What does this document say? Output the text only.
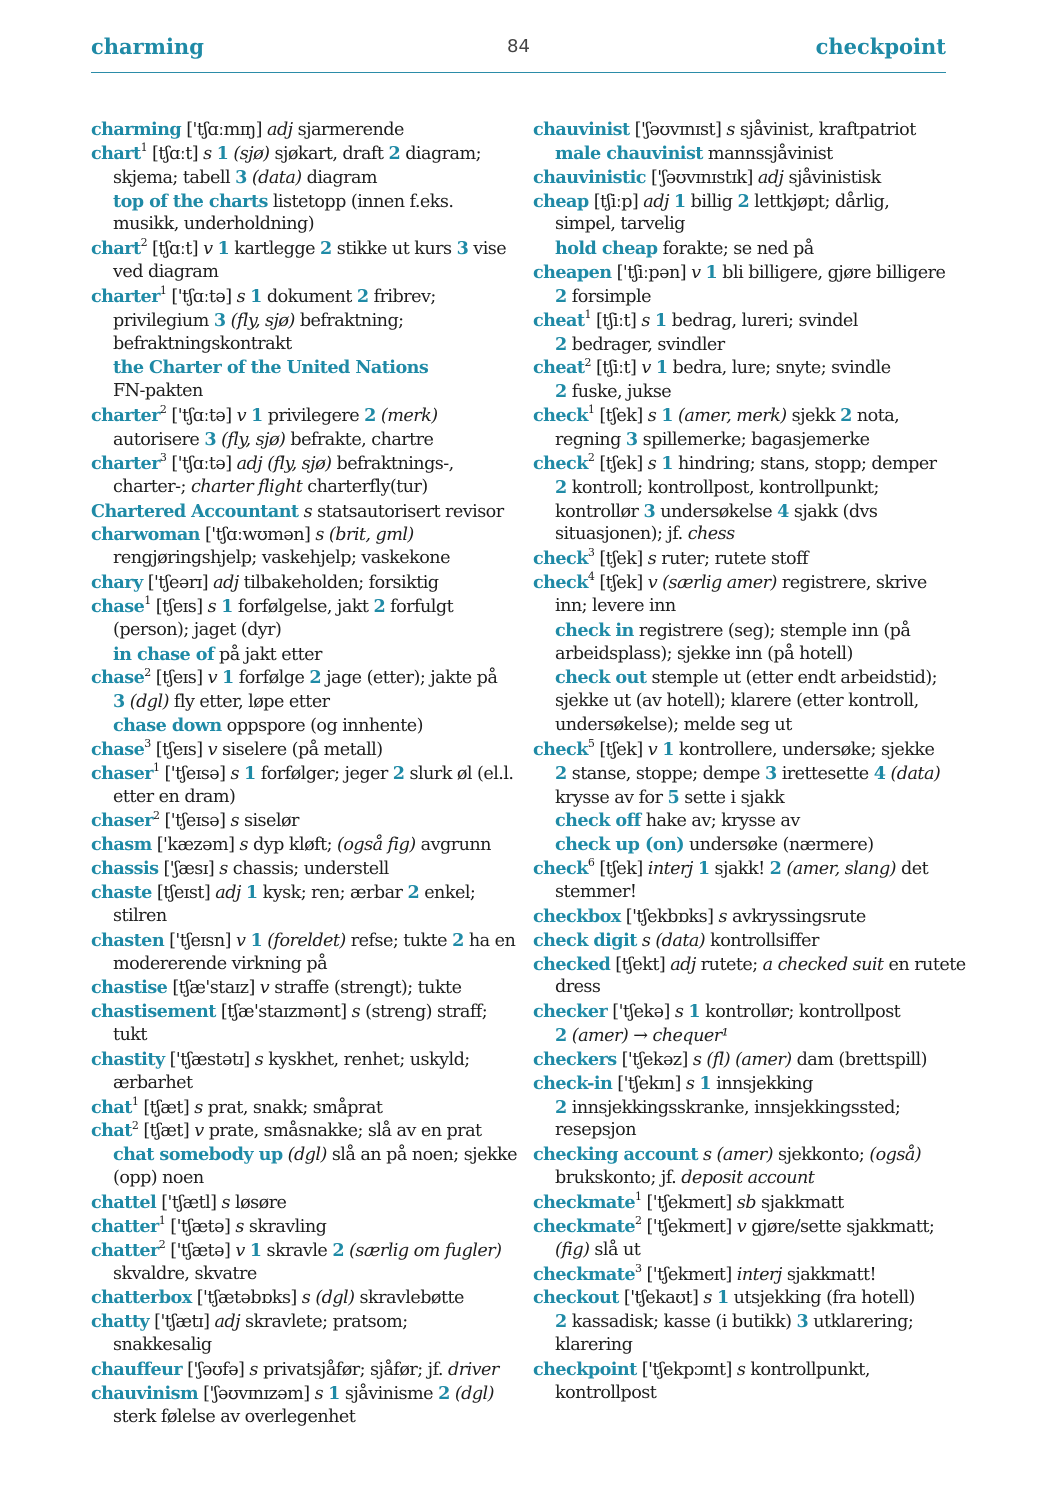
charming	84	checkpoint
charming ['tʃɑːmɪŋ] adj sjarmerende
chart$^1$ [tʃɑːt] s 1 (sjø) sjøkart, draft 2 diagram;
skjema; tabell 3 (data) diagram
top of the charts listetopp (innen f.eks.
musikk, underholdning)
chart$^2$ [tʃɑːt] v 1 kartlegge 2 stikke ut kurs 3 vise
ved diagram
charter$^1$ ['tʃɑːtə] s 1 dokument 2 fribrev;
privilegium 3 (fly, sjø) befraktning;
befraktningskontrakt
the Charter of the United Nations
FN-pakten
charter$^2$ ['tʃɑːtə] v 1 privilegere 2 (merk)
autorisere 3 (fly, sjø) befrakte, chartre
charter$^3$ ['tʃɑːtə] adj (fly, sjø) befraktnings-,
charter-; charter flight charterfly(tur)
Chartered Accountant s statsautorisert revisor
charwoman ['tʃɑːwʊmən] s (brit, gml)
rengjøringshjelp; vaskehjelp; vaskekone
chary ['tʃeərɪ] adj tilbakeholden; forsiktig
chase$^1$ [tʃeɪs] s 1 forfølgelse, jakt 2 forfulgt
(person); jaget (dyr)
in chase of på jakt etter
chase$^2$ [tʃeɪs] v 1 forfølge 2 jage (etter); jakte på
3 (dgl) fly etter, løpe etter
chase down oppspore (og innhente)
chase$^3$ [tʃeɪs] v siselere (på metall)
chaser$^1$ ['tʃeɪsə] s 1 forfølger; jeger 2 slurk øl (el.l.
etter en dram)
chaser$^2$ ['tʃeɪsə] s siselør
chasm ['kæzəm] s dyp kløft; (også fig) avgrunn
chassis ['ʃæsɪ] s chassis; understell
chaste [tʃeɪst] adj 1 kysk; ren; ærbar 2 enkel;
stilren
chasten ['tʃeɪsn] v 1 (foreldet) refse; tukte 2 ha en
modererende virkning på
chastise [tʃæ'staɪz] v straffe (strengt); tukte
chastisement [tʃæ'staɪzmənt] s (streng) straff;
tukt
chastity ['tʃæstətɪ] s kyskhet, renhet; uskyld;
ærbarhet
chat$^1$ [tʃæt] s prat, snakk; småprat
chat$^2$ [tʃæt] v prate, småsnakke; slå av en prat
chat somebody up (dgl) slå an på noen; sjekke
(opp) noen
chattel ['tʃætl] s løsøre
chatter$^1$ ['tʃætə] s skravling
chatter$^2$ ['tʃætə] v 1 skravle 2 (særlig om fugler)
skvaldre, skvatre
chatterbox ['tʃætəbɒks] s (dgl) skravlebøtte
chatty ['tʃætɪ] adj skravlete; pratsom;
snakkesalig
chauffeur ['ʃəʊfə] s privatsjåfør; sjåfør; jf. driver
chauvinism ['ʃəʊvɪnɪzəm] s 1 sjåvinisme 2 (dgl)
sterk følelse av overlegenhet
chauvinist ['ʃəʊvɪnɪst] s sjåvinist, kraftpatriot
male chauvinist mannssjåvinist
chauvinistic ['ʃəʊvɪnɪstɪk] adj sjåvinistisk
cheap [tʃiːp] adj 1 billig 2 lettkjøpt; dårlig,
simpel, tarvelig
hold cheap forakte; se ned på
cheapen ['tʃiːpən] v 1 bli billigere, gjøre billigere
2 forsimple
cheat$^1$ [tʃiːt] s 1 bedrag, lureri; svindel
2 bedrager, svindler
cheat$^2$ [tʃiːt] v 1 bedra, lure; snyte; svindle
2 fuske, jukse
check$^1$ [tʃek] s 1 (amer, merk) sjekk 2 nota,
regning 3 spillemerke; bagasjemerke
check$^2$ [tʃek] s 1 hindring; stans, stopp; demper
2 kontroll; kontrollpost, kontrollpunkt;
kontrollør 3 undersøkelse 4 sjakk (dvs
situasjonen); jf. chess
check$^3$ [tʃek] s ruter; rutete stoff
check$^4$ [tʃek] v (særlig amer) registrere, skrive
inn; levere inn
check in registrere (seg); stemple inn (på
arbeidsplass); sjekke inn (på hotell)
check out stemple ut (etter endt arbeidstid);
sjekke ut (av hotell); klarere (etter kontroll,
undersøkelse); melde seg ut
check$^5$ [tʃek] v 1 kontrollere, undersøke; sjekke
2 stanse, stoppe; dempe 3 irettesette 4 (data)
krysse av for 5 sette i sjakk
check off hake av; krysse av
check up (on) undersøke (nærmere)
check$^6$ [tʃek] interj 1 sjakk! 2 (amer, slang) det
stemmer!
checkbox ['tʃekbɒks] s avkryssingsrute
check digit s (data) kontrollsiffer
checked [tʃekt] adj rutete; a checked suit en rutete
dress
checker ['tʃekə] s 1 kontrollør; kontrollpost
2 (amer) → chequer¹
checkers ['tʃekəz] s (fl) (amer) dam (brettspill)
check-in ['tʃekɪn] s 1 innsjekking
2 innsjekkingsskranke, innsjekkingssted;
resepsjon
checking account s (amer) sjekkonto; (også)
brukskonto; jf. deposit account
checkmate$^1$ ['tʃekmeɪt] sb sjakkmatt
checkmate$^2$ ['tʃekmeɪt] v gjøre/sette sjakkmatt;
(fig) slå ut
checkmate$^3$ ['tʃekmeɪt] interj sjakkmatt!
checkout ['tʃekaʊt] s 1 utsjekking (fra hotell)
2 kassadisk; kasse (i butikk) 3 utklarering;
klarering
checkpoint ['tʃekpɔɪnt] s kontrollpunkt,
kontrollpost
